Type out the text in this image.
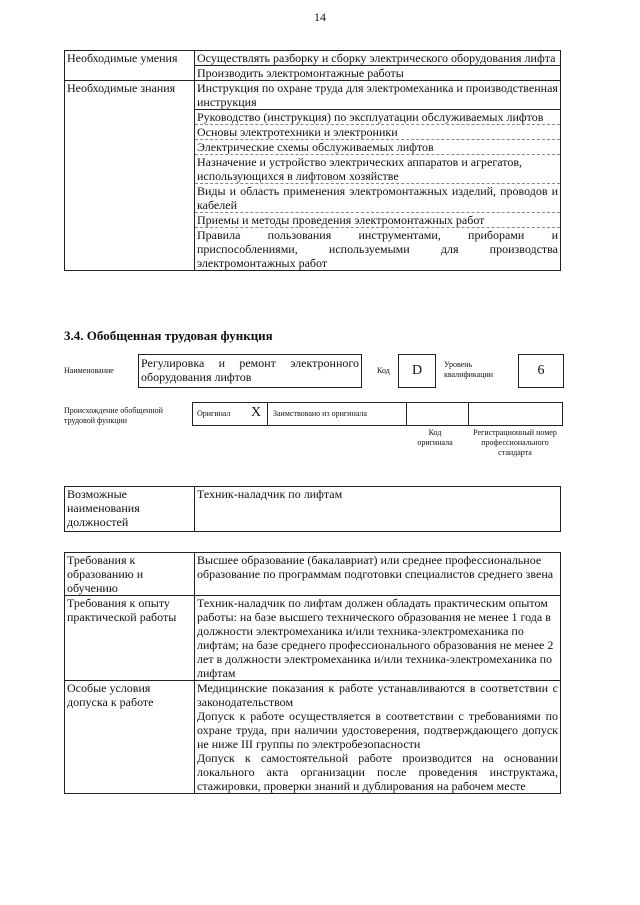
14
Необходимые умения	Осуществлять разборку и сборку электрического оборудования лифта
	Производить электромонтажные работы
Необходимые знания	Инструкция по охране труда для электромеханика и производственная инструкция
	Руководство (инструкция) по эксплуатации обслуживаемых лифтов
	Основы электротехники и электроники
	Электрические схемы обслуживаемых лифтов
	Назначение и устройство электрических аппаратов и агрегатов, использующихся в лифтовом хозяйстве
	Виды и область применения электромонтажных изделий, проводов и кабелей
	Приемы и методы проведения электромонтажных работ
	Правила пользования инструментами, приборами и приспособлениями, используемыми для производства электромонтажных работ
3.4. Обобщенная трудовая функция
Наименование
Регулировка и ремонт электронного оборудования лифтов	Код	D	Уровень квалификации	6
Происхождение обобщенной трудовой функции
Оригинал X Заимствовано из оригинала
Код оригинала
Регистрационный номер профессионального стандарта
Возможные наименования должностей	Техник-наладчик по лифтам
Требования к образованию и обучению	Высшее образование (бакалавриат) или среднее профессиональное образование по программам подготовки специалистов среднего звена
Требования к опыту практической работы	Техник-наладчик по лифтам должен обладать практическим опытом работы: на базе высшего технического образования не менее 1 года в должности электромеханика и/или техника-электромеханика по лифтам; на базе среднего профессионального образования не менее 2 лет в должности электромеханика и/или техника-электромеханика по лифтам
Особые условия допуска к работе	Медицинские показания к работе устанавливаются в соответствии с законодательством
Допуск к работе осуществляется в соответствии с требованиями по охране труда, при наличии удостоверения, подтверждающего допуск не ниже III группы по электробезопасности
Допуск к самостоятельной работе производится на основании локального акта организации после проведения инструктажа, стажировки, проверки знаний и дублирования на рабочем месте
